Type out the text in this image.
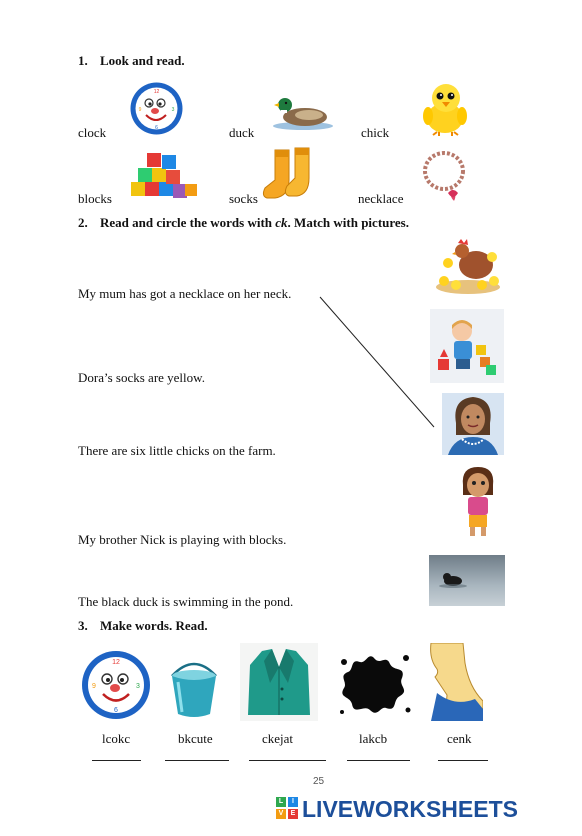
1. Look and read.
clock
12
3
6
9
duck	chick
blocks	socks	necklace
2. Read and circle the words with ck. Match with pictures.
My mum has got a necklace on her neck.
Dora’s socks are yellow.
There are six little chicks on the farm.
My brother Nick is playing with blocks.
The black duck is swimming in the pond.
3. Make words. Read.
12
3
6
9
lcokc	bkcute	ckejat	lakcb	cenk
25
L	I
V	E LIVEWORKSHEETS
